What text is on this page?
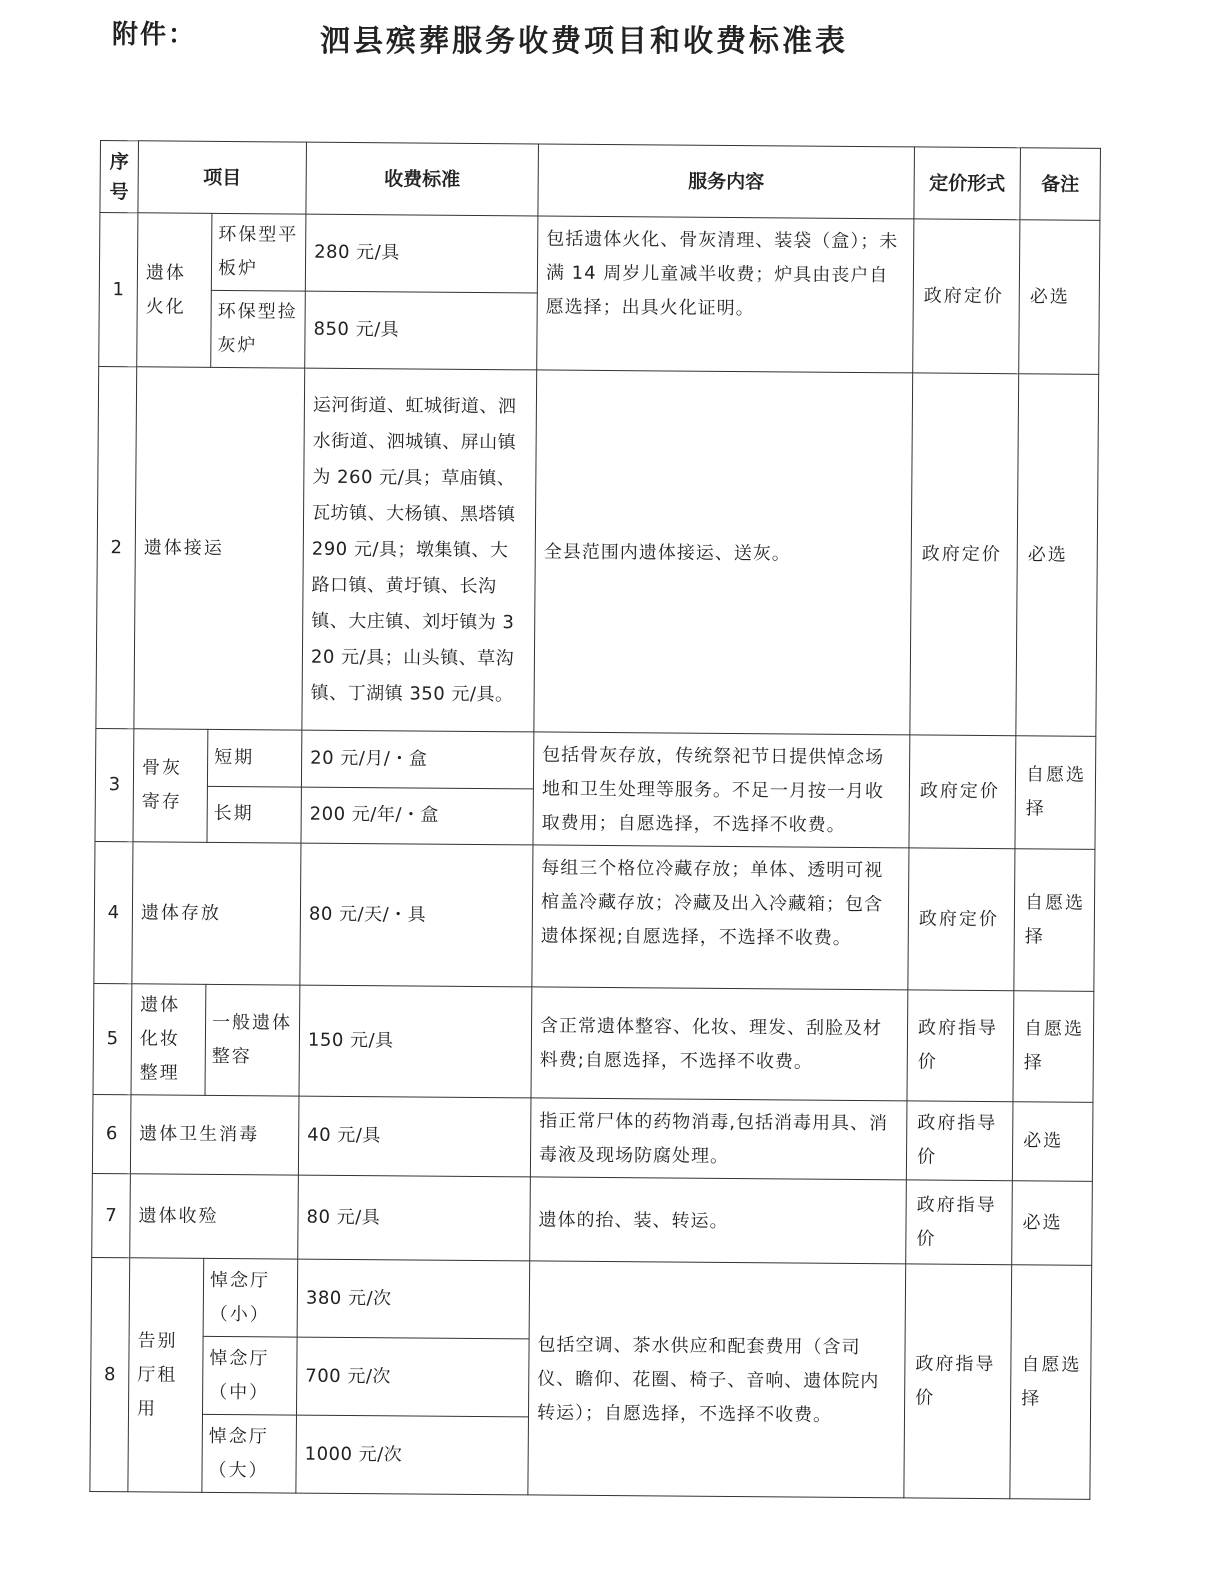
附件：	泗县殡葬服务收费项目和收费标准表
序号	项目		收费标准	服务内容	定价形式	备注
1	遗体火化	环保型平板炉	280 元/具	包括遗体火化、骨灰清理、装袋（盒）；未满 14 周岁儿童减半收费；炉具由丧户自愿选择；出具火化证明。	政府定价	必选
		环保型捡灰炉	850 元/具			
2	遗体接运		运河街道、虹城街道、泗水街道、泗城镇、屏山镇为 260 元/具；草庙镇、瓦坊镇、大杨镇、黑塔镇 290 元/具；墩集镇、大路口镇、黄圩镇、长沟镇、大庄镇、刘圩镇为 320 元/具；山头镇、草沟镇、丁湖镇 350 元/具。	全县范围内遗体接运、送灰。	政府定价	必选
3	骨灰寄存	短期	20 元/月/・盒	包括骨灰存放，传统祭祀节日提供悼念场地和卫生处理等服务。不足一月按一月收取费用；自愿选择，不选择不收费。	政府定价	自愿选择
		长期	200 元/年/・盒			
4	遗体存放		80 元/天/・具	每组三个格位冷藏存放；单体、透明可视棺盖冷藏存放；冷藏及出入冷藏箱；包含遗体探视;自愿选择，不选择不收费。	政府定价	自愿选择
5	遗体化妆整理	一般遗体整容	150 元/具	含正常遗体整容、化妆、理发、刮脸及材料费;自愿选择，不选择不收费。	政府指导价	自愿选择
6	遗体卫生消毒		40 元/具	指正常尸体的药物消毒,包括消毒用具、消毒液及现场防腐处理。	政府指导价	必选
7	遗体收殓		80 元/具	遗体的抬、装、转运。	政府指导价	必选
8	告别厅租用	悼念厅（小）	380 元/次	包括空调、茶水供应和配套费用（含司仪、瞻仰、花圈、椅子、音响、遗体院内转运）；自愿选择，不选择不收费。	政府指导价	自愿选择
		悼念厅（中）	700 元/次			
		悼念厅（大）	1000 元/次			
